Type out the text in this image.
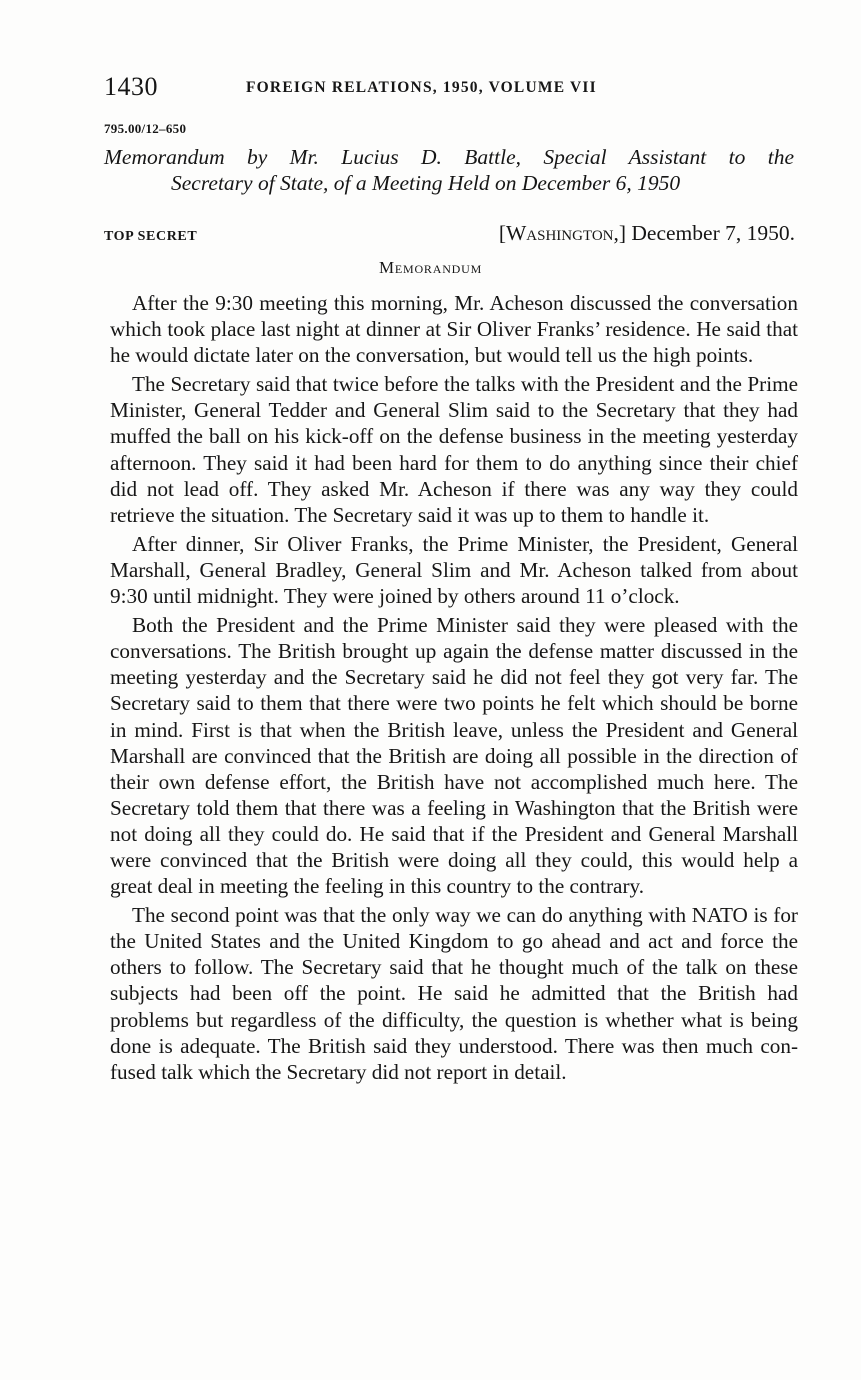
1430	FOREIGN RELATIONS, 1950, VOLUME VII
795.00/12–650
Memorandum by Mr. Lucius D. Battle, Special Assistant to the
Secretary of State, of a Meeting Held on December 6, 1950
TOP SECRET	[Washington,] December 7, 1950.
Memorandum

After the 9:30 meeting this morning, Mr. Acheson discussed the conversation which took place last night at dinner at Sir Oliver Franks’ residence. He said that he would dictate later on the conversation, but would tell us the high points.

The Secretary said that twice before the talks with the President and the Prime Minister, General Tedder and General Slim said to the Secretary that they had muffed the ball on his kick-off on the defense business in the meeting yesterday afternoon. They said it had been hard for them to do anything since their chief did not lead off. They asked Mr. Acheson if there was any way they could retrieve the situation. The Secretary said it was up to them to handle it.

After dinner, Sir Oliver Franks, the Prime Minister, the President, General Marshall, General Bradley, General Slim and Mr. Acheson talked from about 9:30 until midnight. They were joined by others around 11 o’clock.

Both the President and the Prime Minister said they were pleased with the conversations. The British brought up again the defense matter discussed in the meeting yesterday and the Secretary said he did not feel they got very far. The Secretary said to them that there were two points he felt which should be borne in mind. First is that when the British leave, unless the President and General Marshall are convinced that the British are doing all possible in the direction of their own defense effort, the British have not accomplished much here. The Secretary told them that there was a feeling in Washington that the British were not doing all they could do. He said that if the President and General Marshall were convinced that the British were doing all they could, this would help a great deal in meeting the feeling in this country to the contrary.

The second point was that the only way we can do anything with NATO is for the United States and the United Kingdom to go ahead and act and force the others to follow. The Secretary said that he thought much of the talk on these subjects had been off the point. He said he admitted that the British had problems but regardless of the difficulty, the question is whether what is being done is adequate. The British said they understood. There was then much confused talk which the Secretary did not report in detail.
